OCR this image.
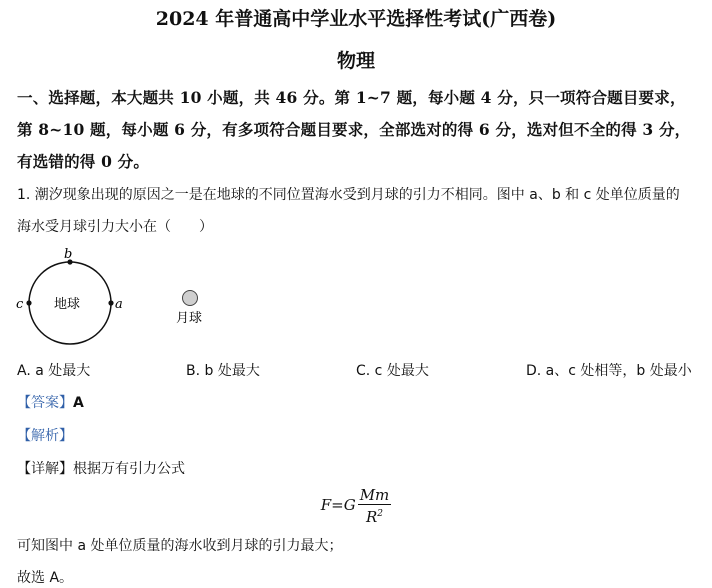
2024 年普通高中学业水平选择性考试(广西卷)
物理
一、选择题，本大题共 10 小题，共 46 分。第 1~7 题，每小题 4 分，只一项符合题目要求，
第 8~10 题，每小题 6 分，有多项符合题目要求，全部选对的得 6 分，选对但不全的得 3 分，
有选错的得 0 分。
1. 潮汐现象出现的原因之一是在地球的不同位置海水受到月球的引力不相同。图中 a、b 和 c 处单位质量的
海水受月球引力大小在（　　）
b
c	a
地球
月球
A. a 处最大	B. b 处最大	C. c 处最大	D. a、c 处相等，b 处最小
【答案】A
【解析】
【详解】根据万有引力公式
$F=G \frac{Mm}{R^2}$
可知图中 a 处单位质量的海水收到月球的引力最大；
故选 A。
